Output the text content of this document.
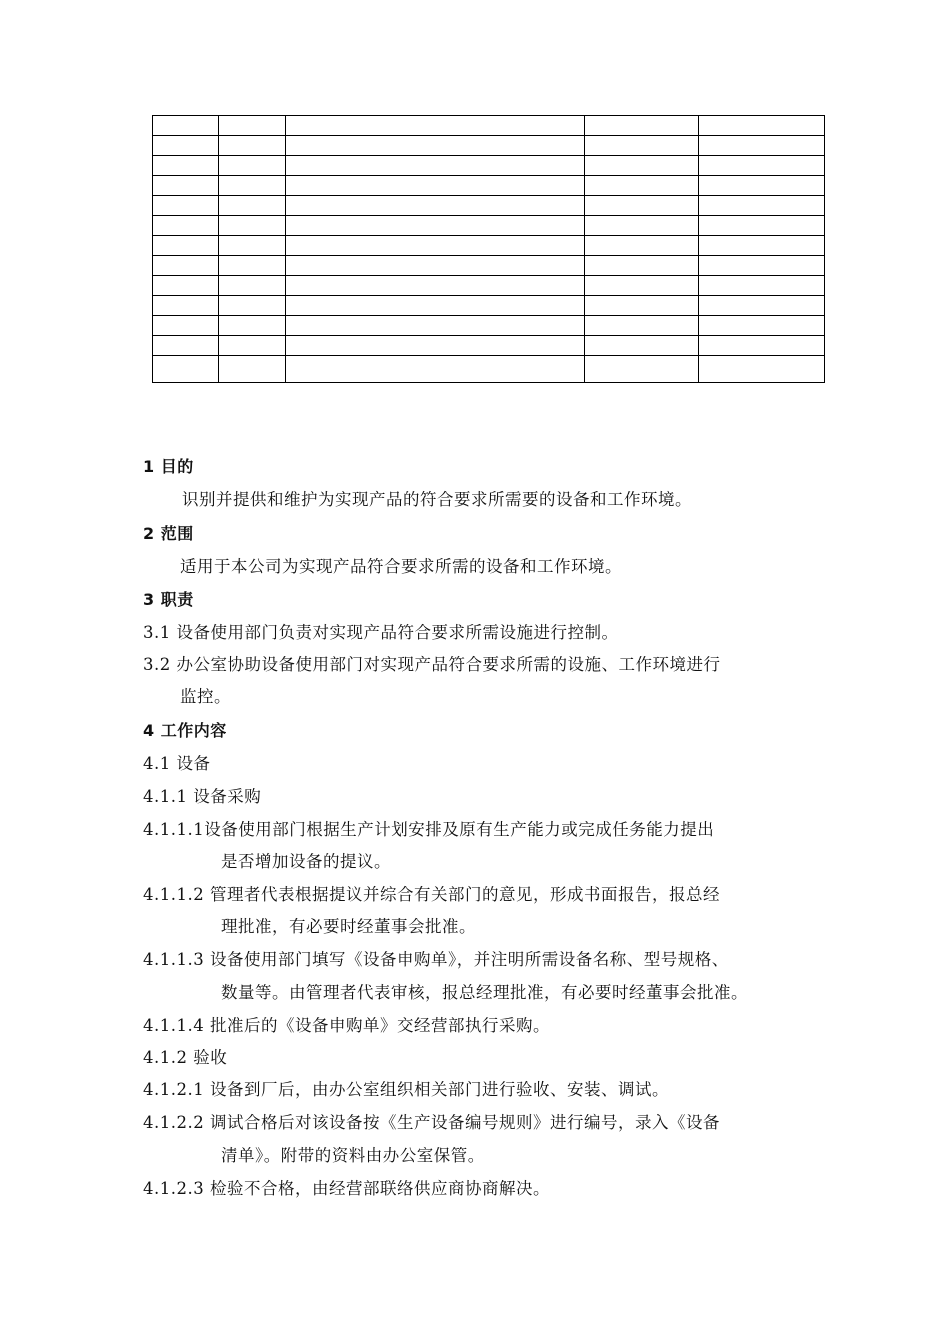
1 目的
识别并提供和维护为实现产品的符合要求所需要的设备和工作环境。
2 范围
适用于本公司为实现产品符合要求所需的设备和工作环境。
3 职责
3.1 设备使用部门负责对实现产品符合要求所需设施进行控制。
3.2 办公室协助设备使用部门对实现产品符合要求所需的设施、工作环境进行
监控。
4 工作内容
4.1 设备
4.1.1 设备采购
4.1.1.1设备使用部门根据生产计划安排及原有生产能力或完成任务能力提出
是否增加设备的提议。
4.1.1.2 管理者代表根据提议并综合有关部门的意见，形成书面报告，报总经
理批准，有必要时经董事会批准。
4.1.1.3 设备使用部门填写《设备申购单》，并注明所需设备名称、型号规格、
数量等。由管理者代表审核，报总经理批准，有必要时经董事会批准。
4.1.1.4 批准后的《设备申购单》交经营部执行采购。
4.1.2 验收
4.1.2.1 设备到厂后，由办公室组织相关部门进行验收、安装、调试。
4.1.2.2 调试合格后对该设备按《生产设备编号规则》进行编号，录入《设备
清单》。附带的资料由办公室保管。
4.1.2.3 检验不合格，由经营部联络供应商协商解决。
